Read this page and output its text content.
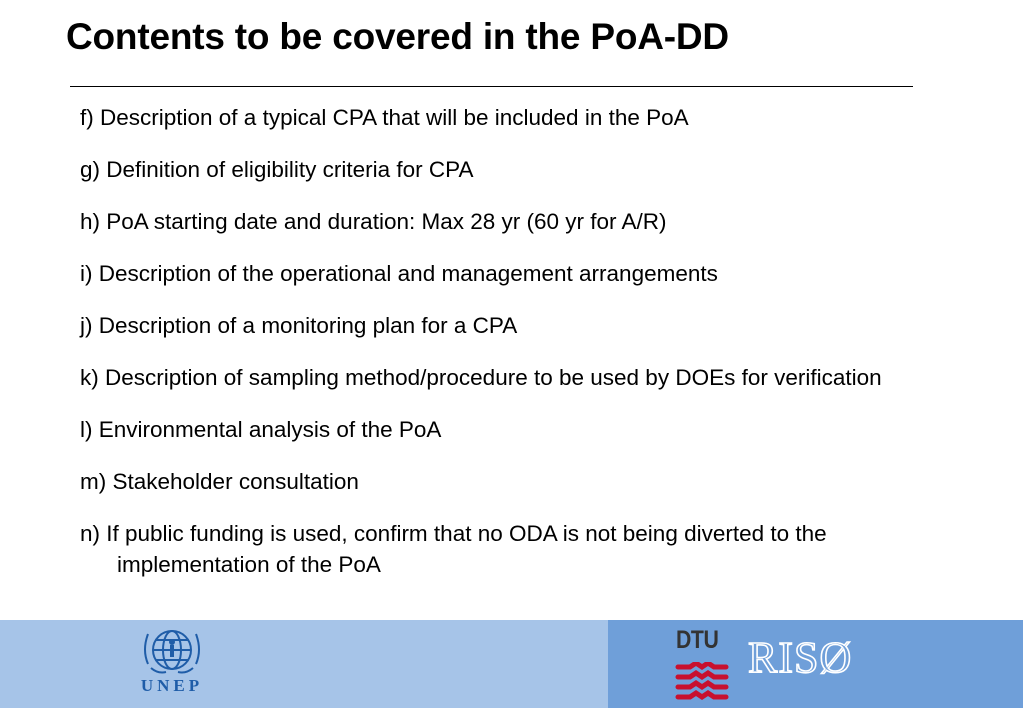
Contents to be covered in the PoA-DD
f) Description of a typical CPA that will be included in the PoA
g) Definition of eligibility criteria for CPA
h) PoA starting date and duration: Max 28 yr (60 yr for A/R)
i) Description of the operational and management arrangements
j) Description of a monitoring plan for a CPA
k) Description of sampling method/procedure to be used by DOEs for verification
l) Environmental analysis of the PoA
m) Stakeholder consultation
n) If public funding is used, confirm that no ODA is not being diverted to the implementation of the PoA
UNEP
DTU RISØ
